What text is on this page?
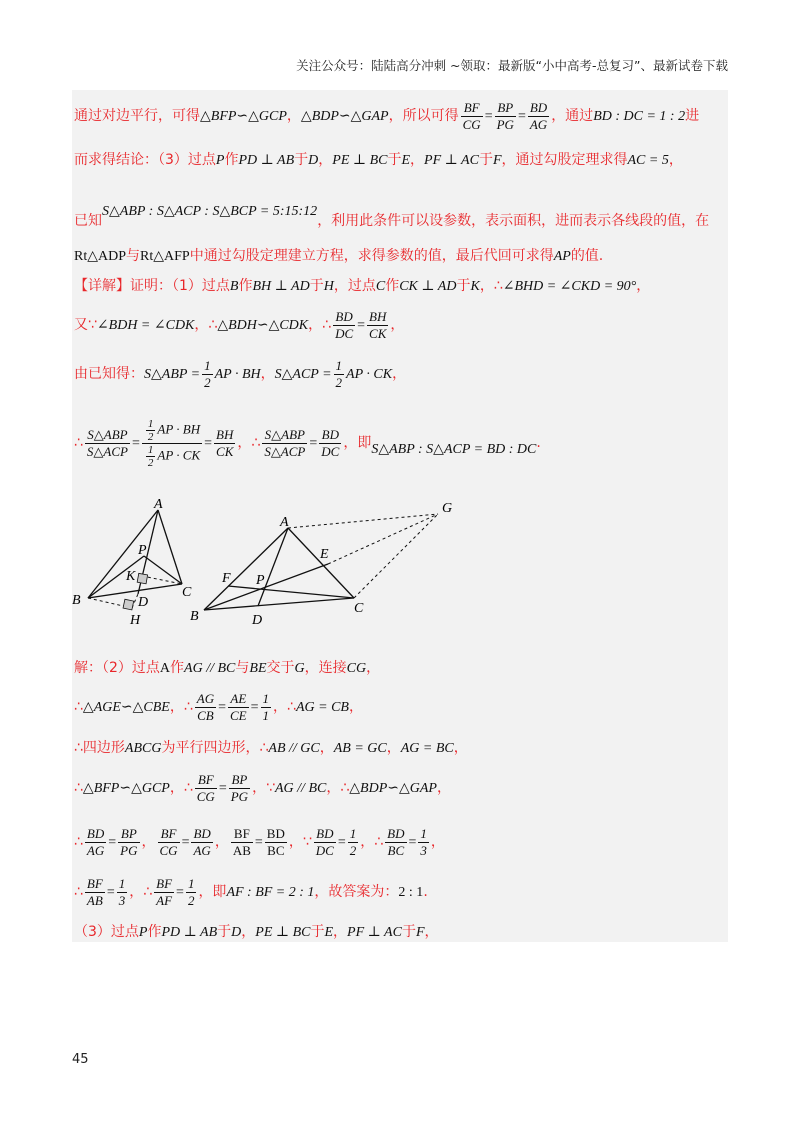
关注公众号：陆陆高分冲刺 ~领取：最新版“小中高考-总复习”、最新试卷下载
通过对边平行，可得△BFP∽△GCP，△BDP∽△GAP，所以可得 $\frac{BF}{CG} = \frac{BP}{PG} = \frac{BD}{AG}$ ，通过BD : DC = 1 : 2进
而求得结论：（3）过点P作PD ⊥ AB于D，PE ⊥ BC于E，PF ⊥ AC于F，通过勾股定理求得AC = 5，
已知S△ABP : S△ACP : S△BCP = 5:15:12，利用此条件可以设参数，表示面积，进而表示各线段的值，在
Rt△ADP与Rt△AFP中通过勾股定理建立方程，求得参数的值，最后代回可求得AP的值.
【详解】证明：（1）过点B作BH ⊥ AD于H，过点C作CK ⊥ AD于K，∴∠BHD = ∠CKD = 90°，
又∵∠BDH = ∠CDK，∴△BDH∽△CDK，∴ $\frac{BD}{DC} = \frac{BH}{CK}$ ，
由已知得：S△ABP = $\frac{1}{2}$ AP · BH，S△ACP = $\frac{1}{2}$ AP · CK，
∴ $\frac{\text{S△ABP}}{\text{S△ACP}} = \frac{\frac{1}{2} AP \cdot BH}{\frac{1}{2} AP \cdot CK} = \frac{BH}{CK}$ ，∴ $\frac{\text{S△ABP}}{\text{S△ACP}} = \frac{BD}{DC}$ ，即S△ABP : S△ACP = BD : DC.
A
P
K
B
C
D
H
A
G
E
F P
B
C
D
解：（2）过点A作AG // BC与BE交于G，连接CG，
∴△AGE∽△CBE，∴ $\frac{AG}{CB} = \frac{AE}{CE} = \frac{1}{1}$ ，∴AG = CB，
∴四边形ABCG为平行四边形，∴AB // GC，AB = GC，AG = BC，
∴△BFP∽△GCP，∴ $\frac{BF}{CG} = \frac{BP}{PG}$ ，∵AG // BC，∴△BDP∽△GAP，
∴ $\frac{BD}{AG} = \frac{BP}{PG}$ ， $\frac{BF}{CG} = \frac{BD}{AG}$ ， $\frac{BF}{AB} = \frac{BD}{BC}$ ，∵ $\frac{BD}{DC} = \frac{1}{2}$ ，∴ $\frac{BD}{BC} = \frac{1}{3}$ ，
∴ $\frac{BF}{AB} = \frac{1}{3}$ ，∴ $\frac{BF}{AF} = \frac{1}{2}$ ，即AF : BF = 2 : 1，故答案为：2 : 1.
（3）过点P作PD ⊥ AB于D，PE ⊥ BC于E，PF ⊥ AC于F，
45
